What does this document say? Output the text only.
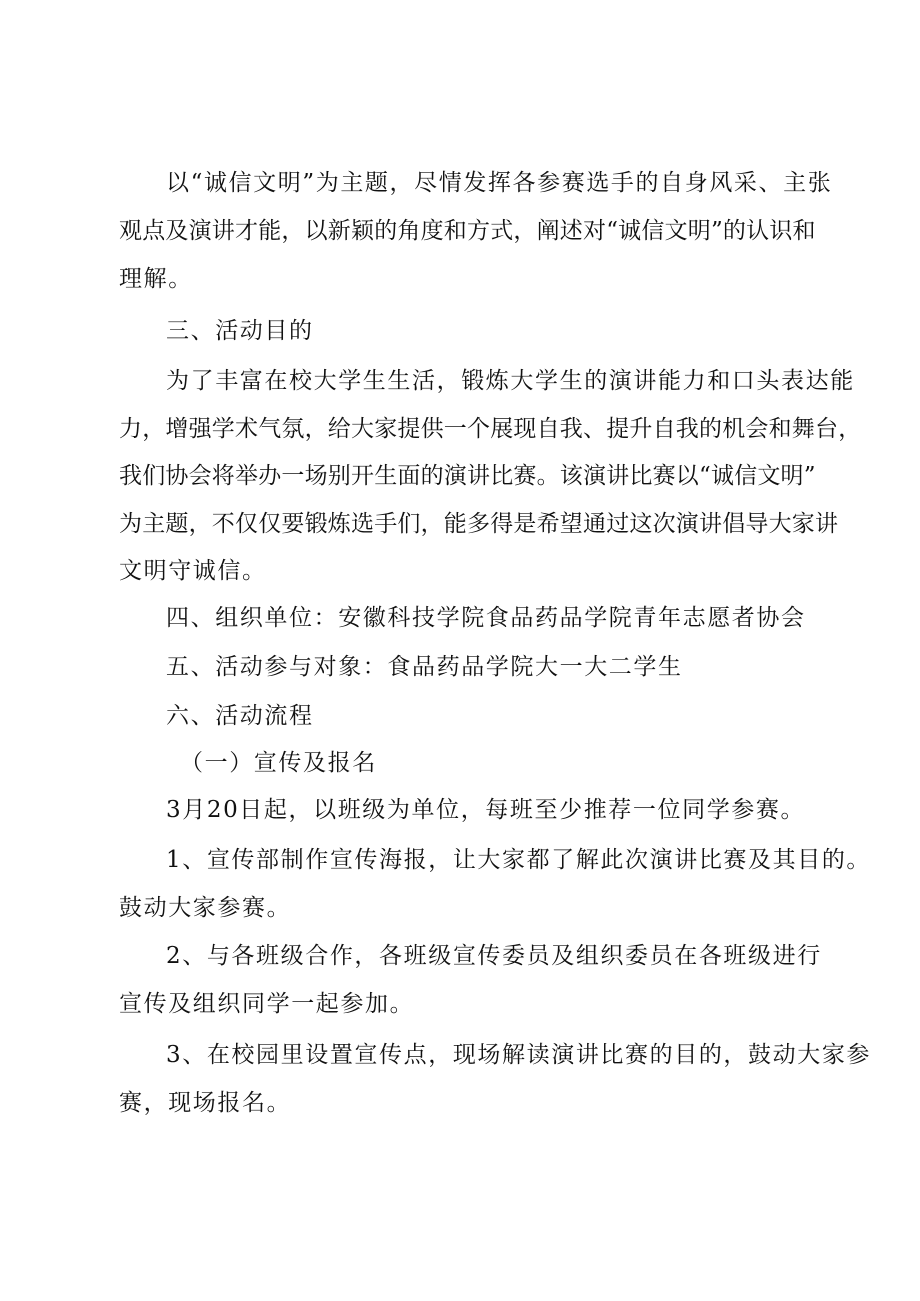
以“诚信文明”为主题，尽情发挥各参赛选手的自身风采、主张
观点及演讲才能，以新颖的角度和方式，阐述对“诚信文明”的认识和
理解。
三、活动目的
为了丰富在校大学生生活，锻炼大学生的演讲能力和口头表达能
力，增强学术气氛，给大家提供一个展现自我、提升自我的机会和舞台，
我们协会将举办一场别开生面的演讲比赛。该演讲比赛以“诚信文明”
为主题，不仅仅要锻炼选手们，能多得是希望通过这次演讲倡导大家讲
文明守诚信。
四、组织单位：安徽科技学院食品药品学院青年志愿者协会
五、活动参与对象：食品药品学院大一大二学生
六、活动流程
（一）宣传及报名
3月20日起，以班级为单位，每班至少推荐一位同学参赛。
1、宣传部制作宣传海报，让大家都了解此次演讲比赛及其目的。
鼓动大家参赛。
2、与各班级合作，各班级宣传委员及组织委员在各班级进行
宣传及组织同学一起参加。
3、在校园里设置宣传点，现场解读演讲比赛的目的，鼓动大家参
赛，现场报名。
